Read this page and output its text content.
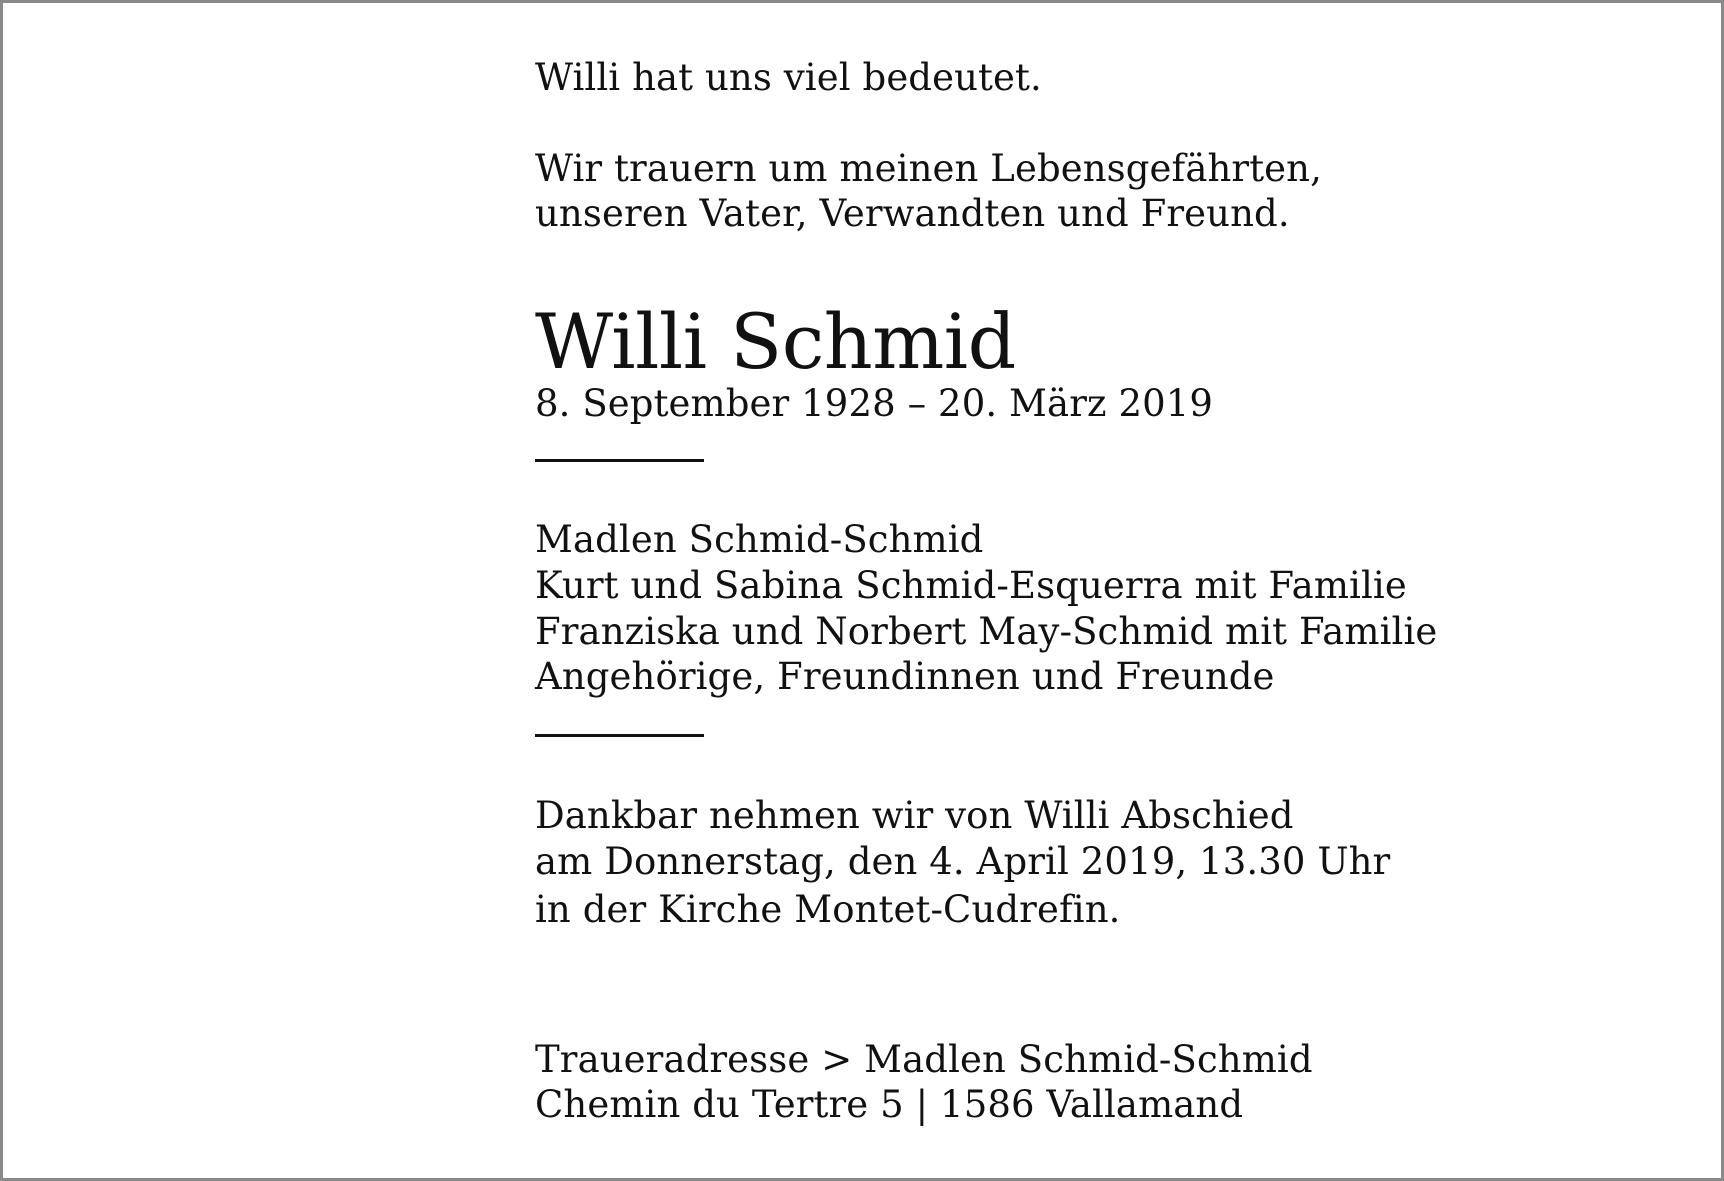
Willi hat uns viel bedeutet.
Wir trauern um meinen Lebensgefährten,
unseren Vater, Verwandten und Freund.
Willi Schmid
8. September 1928 – 20. März 2019
Madlen Schmid-Schmid
Kurt und Sabina Schmid-Esquerra mit Familie
Franziska und Norbert May-Schmid mit Familie
Angehörige, Freundinnen und Freunde
Dankbar nehmen wir von Willi Abschied
am Donnerstag, den 4. April 2019, 13.30 Uhr
in der Kirche Montet-Cudrefin.
Traueradresse > Madlen Schmid-Schmid
Chemin du Tertre 5 | 1586 Vallamand
